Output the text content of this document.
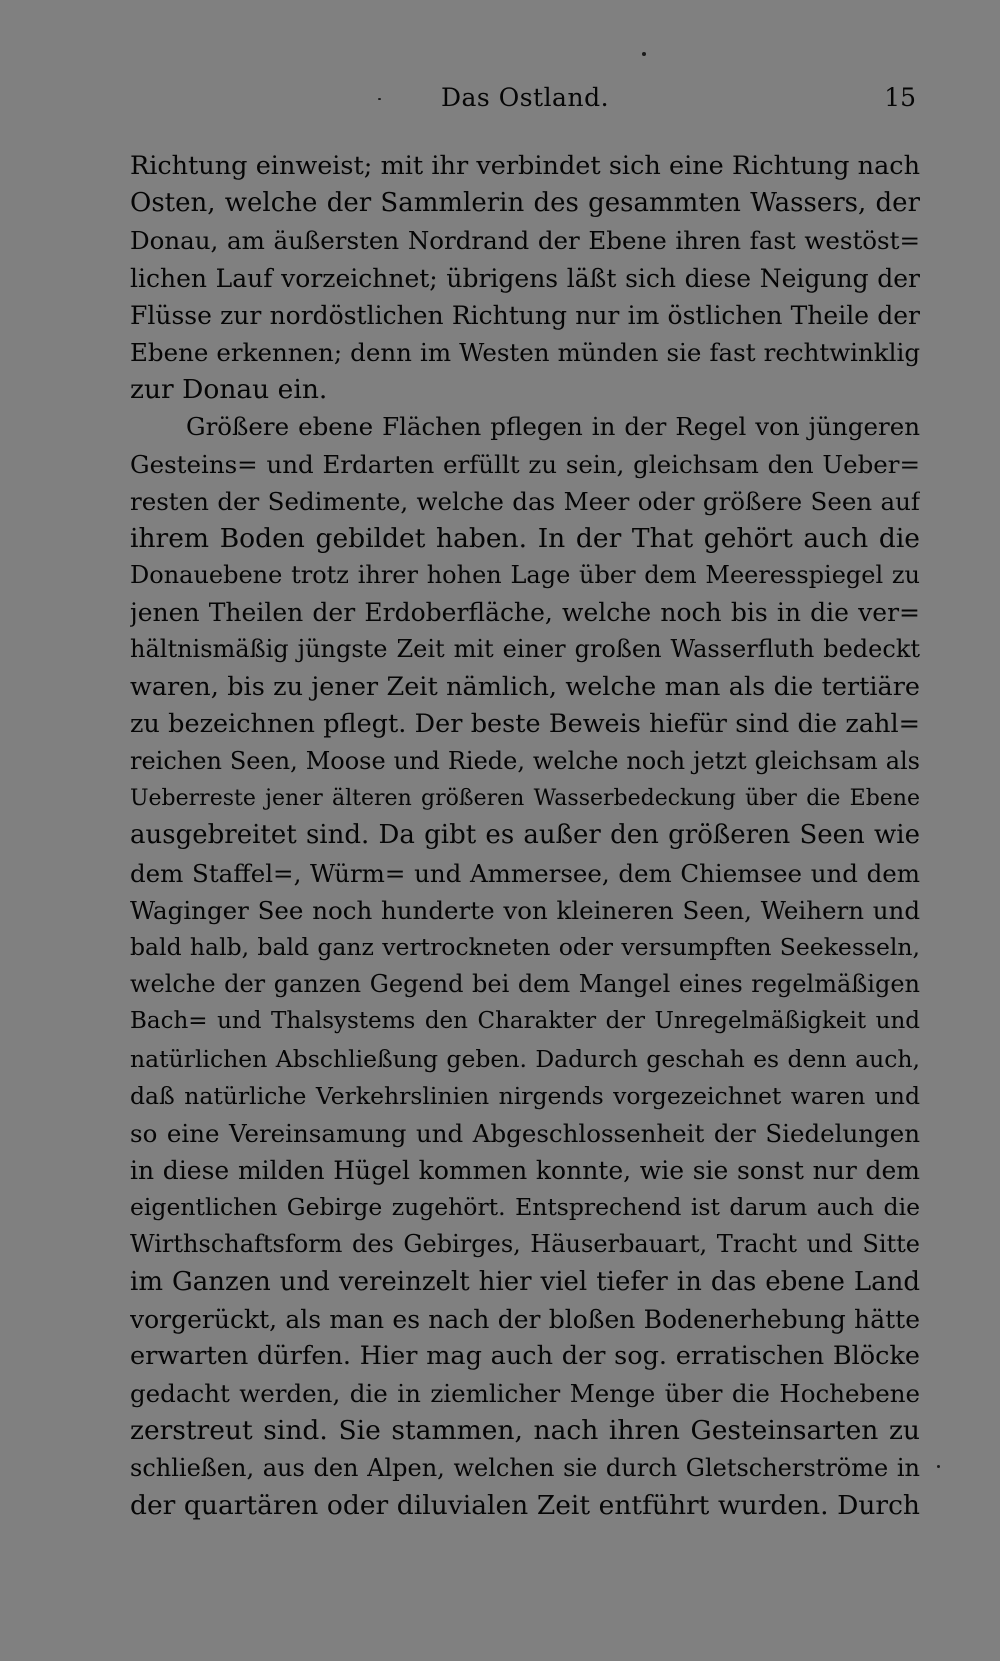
Das Ostland.	15
Richtung einweist; mit ihr verbindet sich eine Richtung nach
Osten, welche der Sammlerin des gesammten Wassers, der
Donau, am äußersten Nordrand der Ebene ihren fast westöst=
lichen Lauf vorzeichnet; übrigens läßt sich diese Neigung der
Flüsse zur nordöstlichen Richtung nur im östlichen Theile der
Ebene erkennen; denn im Westen münden sie fast rechtwinklig
zur Donau ein.
Größere ebene Flächen pflegen in der Regel von jüngeren
Gesteins= und Erdarten erfüllt zu sein, gleichsam den Ueber=
resten der Sedimente, welche das Meer oder größere Seen auf
ihrem Boden gebildet haben. In der That gehört auch die
Donauebene trotz ihrer hohen Lage über dem Meeresspiegel zu
jenen Theilen der Erdoberfläche, welche noch bis in die ver=
hältnismäßig jüngste Zeit mit einer großen Wasserfluth bedeckt
waren, bis zu jener Zeit nämlich, welche man als die tertiäre
zu bezeichnen pflegt. Der beste Beweis hiefür sind die zahl=
reichen Seen, Moose und Riede, welche noch jetzt gleichsam als
Ueberreste jener älteren größeren Wasserbedeckung über die Ebene
ausgebreitet sind. Da gibt es außer den größeren Seen wie
dem Staffel=, Würm= und Ammersee, dem Chiemsee und dem
Waginger See noch hunderte von kleineren Seen, Weihern und
bald halb, bald ganz vertrockneten oder versumpften Seekesseln,
welche der ganzen Gegend bei dem Mangel eines regelmäßigen
Bach= und Thalsystems den Charakter der Unregelmäßigkeit und
natürlichen Abschließung geben. Dadurch geschah es denn auch,
daß natürliche Verkehrslinien nirgends vorgezeichnet waren und
so eine Vereinsamung und Abgeschlossenheit der Siedelungen
in diese milden Hügel kommen konnte, wie sie sonst nur dem
eigentlichen Gebirge zugehört. Entsprechend ist darum auch die
Wirthschaftsform des Gebirges, Häuserbauart, Tracht und Sitte
im Ganzen und vereinzelt hier viel tiefer in das ebene Land
vorgerückt, als man es nach der bloßen Bodenerhebung hätte
erwarten dürfen. Hier mag auch der sog. erratischen Blöcke
gedacht werden, die in ziemlicher Menge über die Hochebene
zerstreut sind. Sie stammen, nach ihren Gesteinsarten zu
schließen, aus den Alpen, welchen sie durch Gletscherströme in
der quartären oder diluvialen Zeit entführt wurden. Durch
